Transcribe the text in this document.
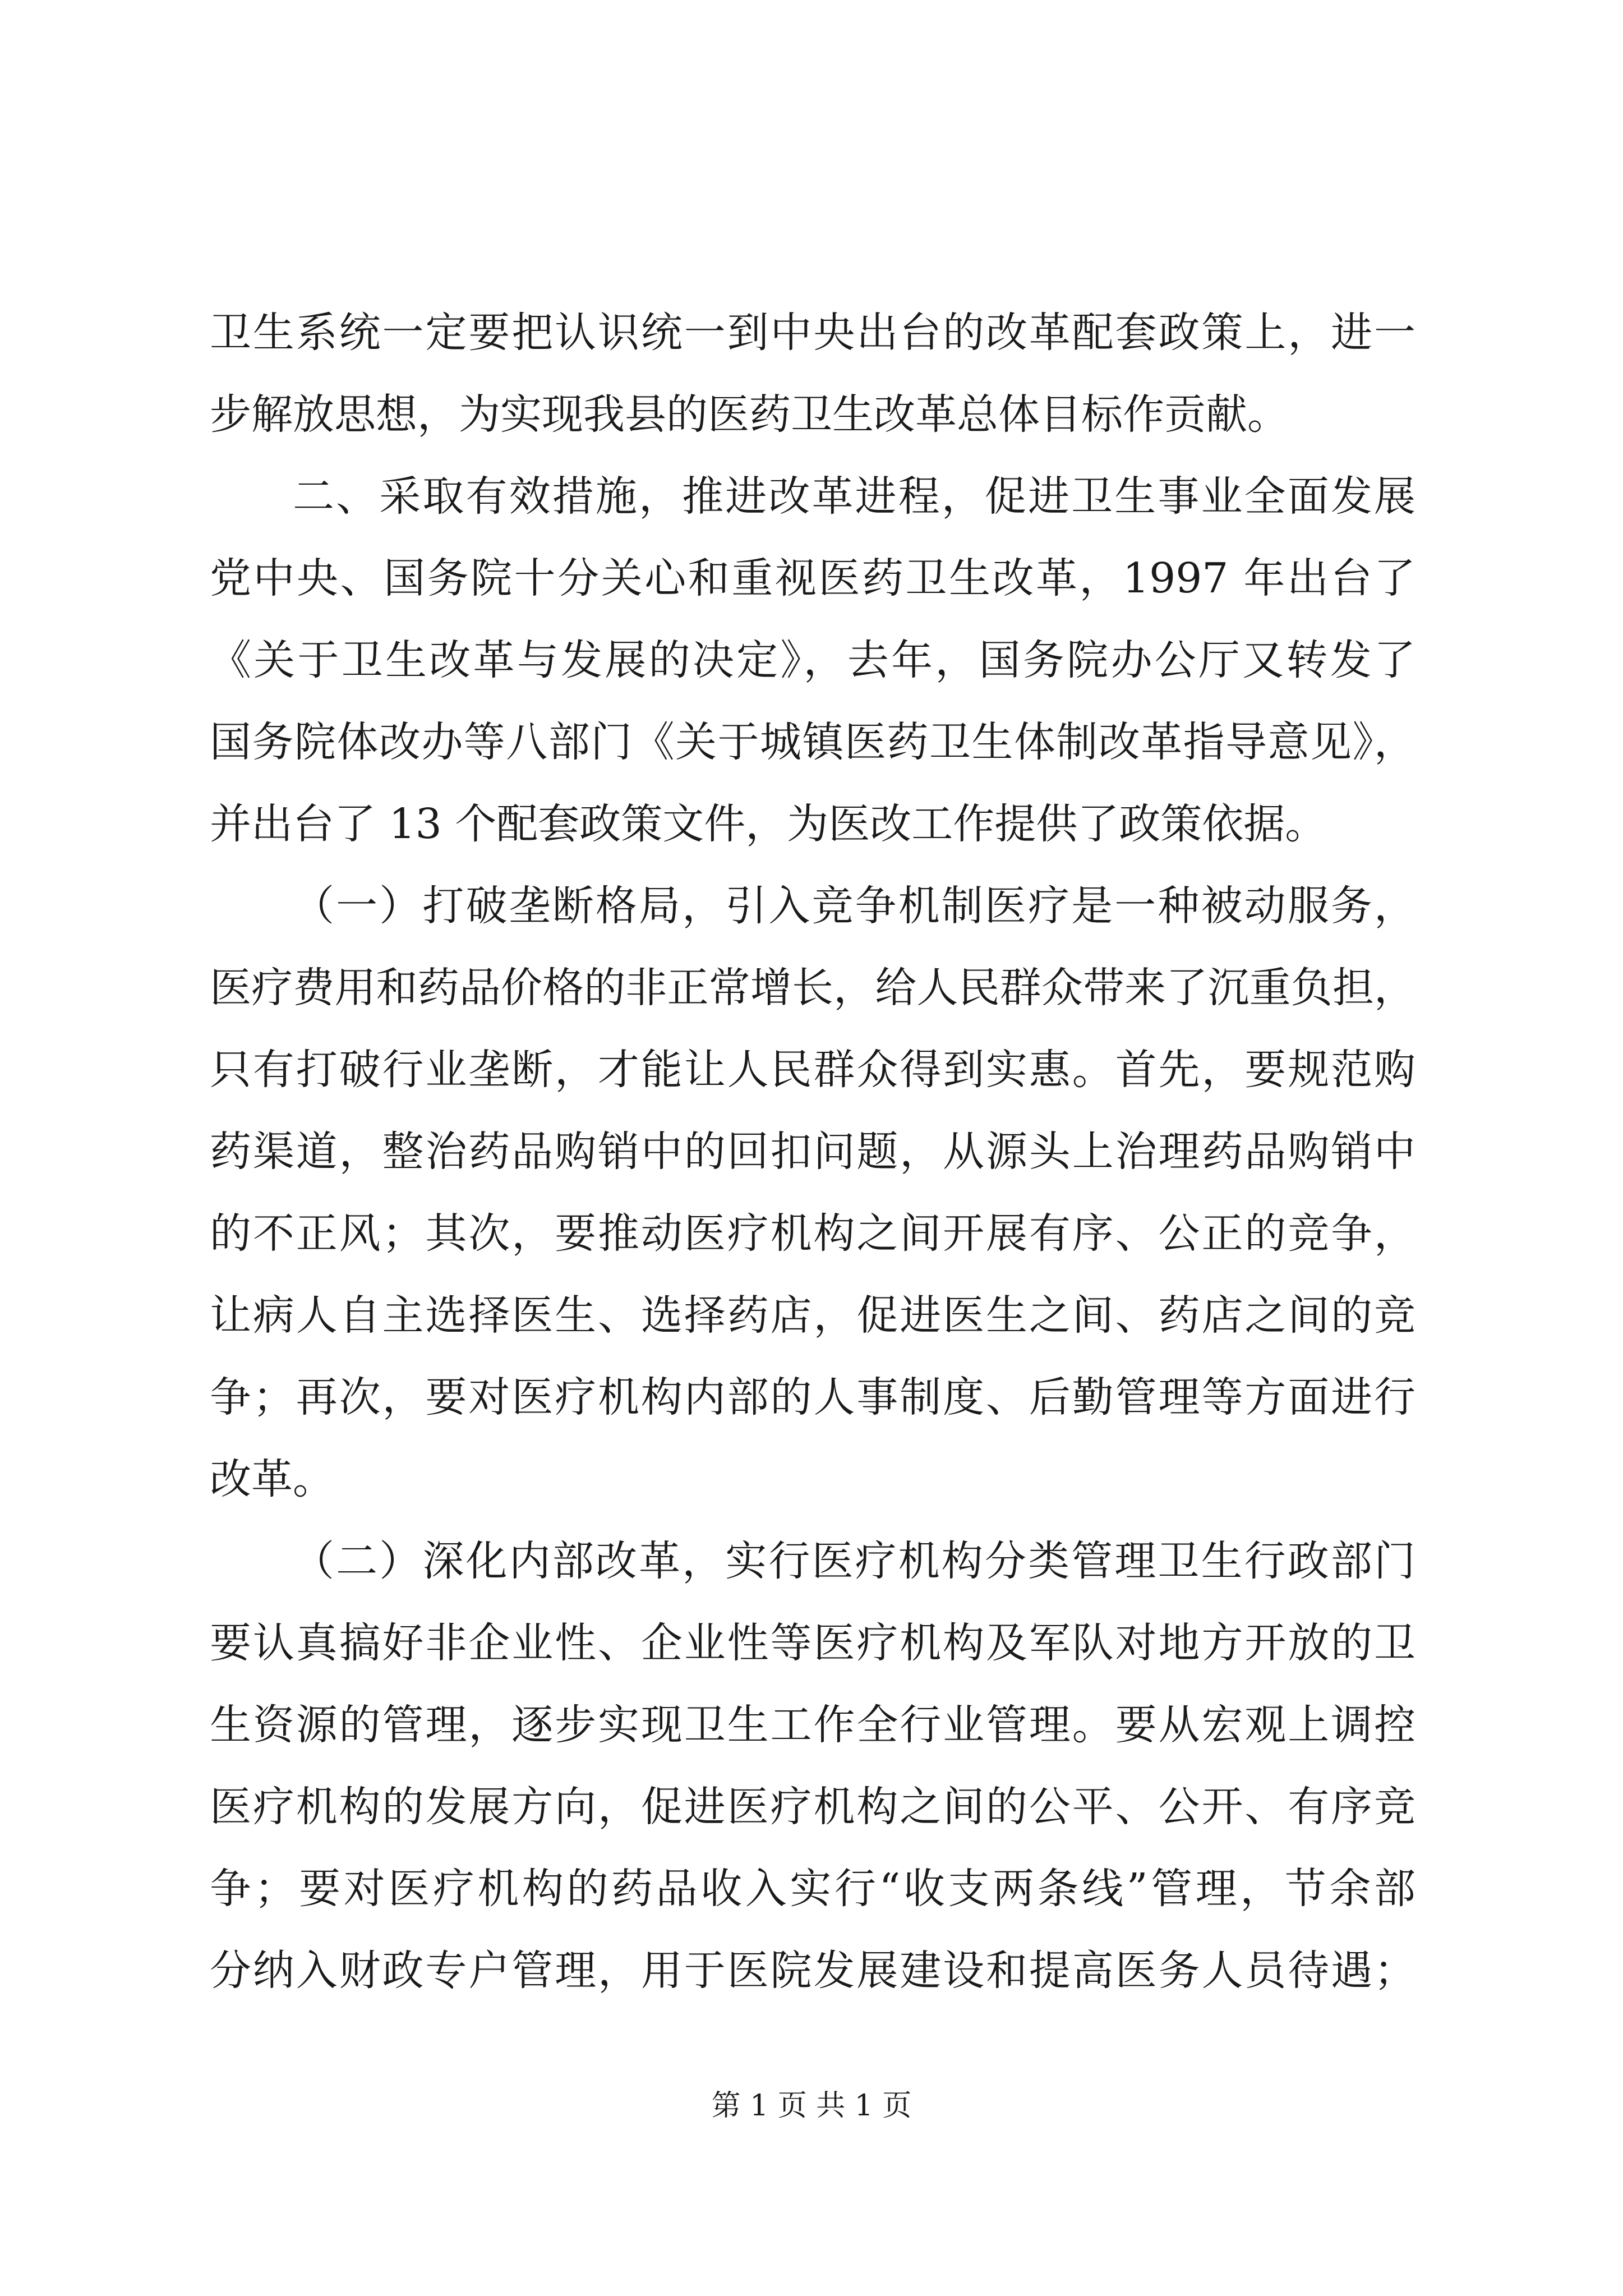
卫生系统一定要把认识统一到中央出台的改革配套政策上，进一
步解放思想，为实现我县的医药卫生改革总体目标作贡献。
二、采取有效措施，推进改革进程，促进卫生事业全面发展
党中央、国务院十分关心和重视医药卫生改革，1997 年出台了
《关于卫生改革与发展的决定》，去年，国务院办公厅又转发了
国务院体改办等八部门《关于城镇医药卫生体制改革指导意见》，
并出台了 13 个配套政策文件，为医改工作提供了政策依据。
（一）打破垄断格局，引入竞争机制医疗是一种被动服务，
医疗费用和药品价格的非正常增长，给人民群众带来了沉重负担，
只有打破行业垄断，才能让人民群众得到实惠。首先，要规范购
药渠道，整治药品购销中的回扣问题，从源头上治理药品购销中
的不正风；其次，要推动医疗机构之间开展有序、公正的竞争，
让病人自主选择医生、选择药店，促进医生之间、药店之间的竞
争；再次，要对医疗机构内部的人事制度、后勤管理等方面进行
改革。
（二）深化内部改革，实行医疗机构分类管理卫生行政部门
要认真搞好非企业性、企业性等医疗机构及军队对地方开放的卫
生资源的管理，逐步实现卫生工作全行业管理。要从宏观上调控
医疗机构的发展方向，促进医疗机构之间的公平、公开、有序竞
争；要对医疗机构的药品收入实行“收支两条线”管理，节余部
分纳入财政专户管理，用于医院发展建设和提高医务人员待遇；
第 1 页 共 1 页
